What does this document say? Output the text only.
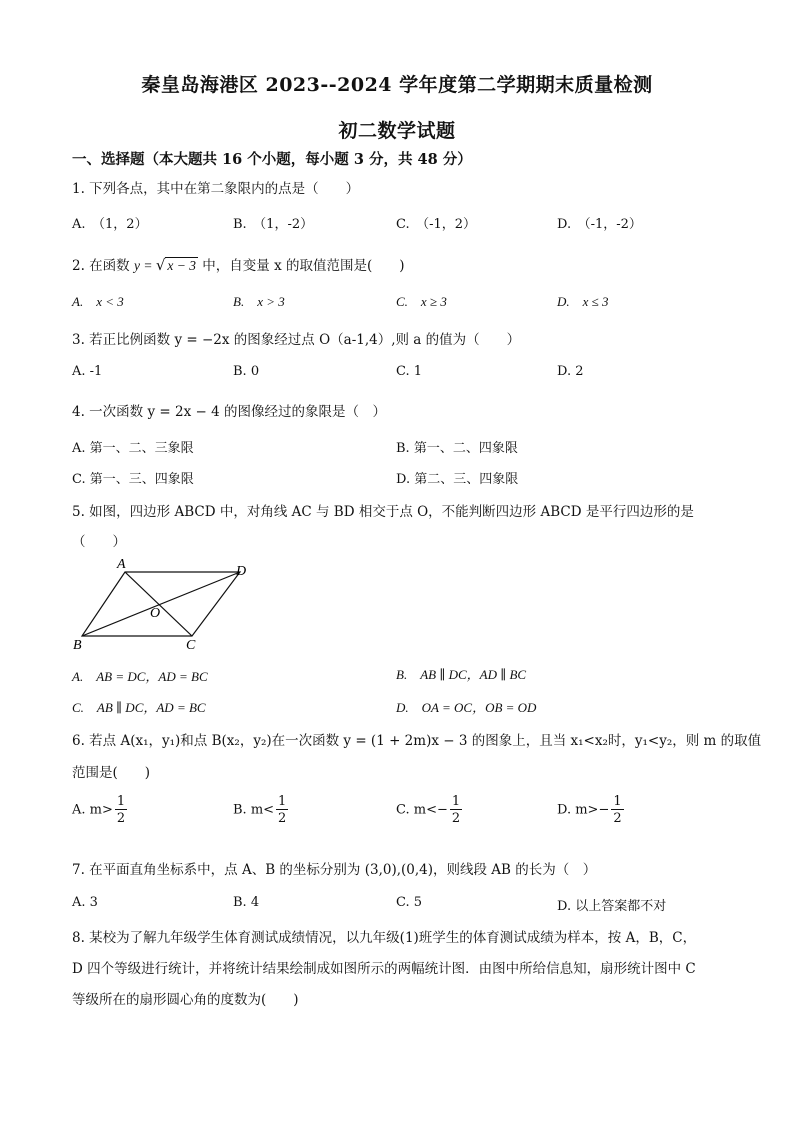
秦皇岛海港区 2023--2024 学年度第二学期期末质量检测
初二数学试题
一、选择题（本大题共 16 个小题，每小题 3 分，共 48 分）
1. 下列各点，其中在第二象限内的点是（　　）
A.　（1，2）	B.　（1，-2）	C.　（-1，2）	D.　（-1，-2）
2. 在函数 y = √ x − 3 中，自变量 x 的取值范围是(　　)
A.　x < 3	B.　x > 3	C.　x ≥ 3	D.　x ≤ 3
3. 若正比例函数 y = −2x 的图象经过点 O（a-1,4）,则 a 的值为（　　）
A. -1	B. 0	C. 1	D. 2
4. 一次函数 y = 2x − 4 的图像经过的象限是（　）
A. 第一、二、三象限	B. 第一、二、四象限
C. 第一、三、四象限	D. 第二、三、四象限
5. 如图，四边形 ABCD 中，对角线 AC 与 BD 相交于点 O，不能判断四边形 ABCD 是平行四边形的是
（　　）
A	D
B	C
O
A.　AB = DC，AD = BC	B.　AB ∥ DC，AD ∥ BC
C.　AB ∥ DC，AD = BC	D.　OA = OC，OB = OD
6. 若点 A(x₁，y₁)和点 B(x₂，y₂)在一次函数 y = (1 + 2m)x − 3 的图象上，且当 x₁<x₂时，y₁<y₂，则 m 的取值
范围是(　　)
A. $m> \frac{1}{2}$	B. $m< \frac{1}{2}$	C. $m<- \frac{1}{2}$	D. $m>- \frac{1}{2}$
7. 在平面直角坐标系中，点 A、B 的坐标分别为 (3,0),(0,4)，则线段 AB 的长为（　）
A. 3	B. 4	C. 5	D. 以上答案都不对
8. 某校为了解九年级学生体育测试成绩情况，以九年级(1)班学生的体育测试成绩为样本，按 A，B，C，
D 四个等级进行统计，并将统计结果绘制成如图所示的两幅统计图．由图中所给信息知，扇形统计图中 C
等级所在的扇形圆心角的度数为(　　)
